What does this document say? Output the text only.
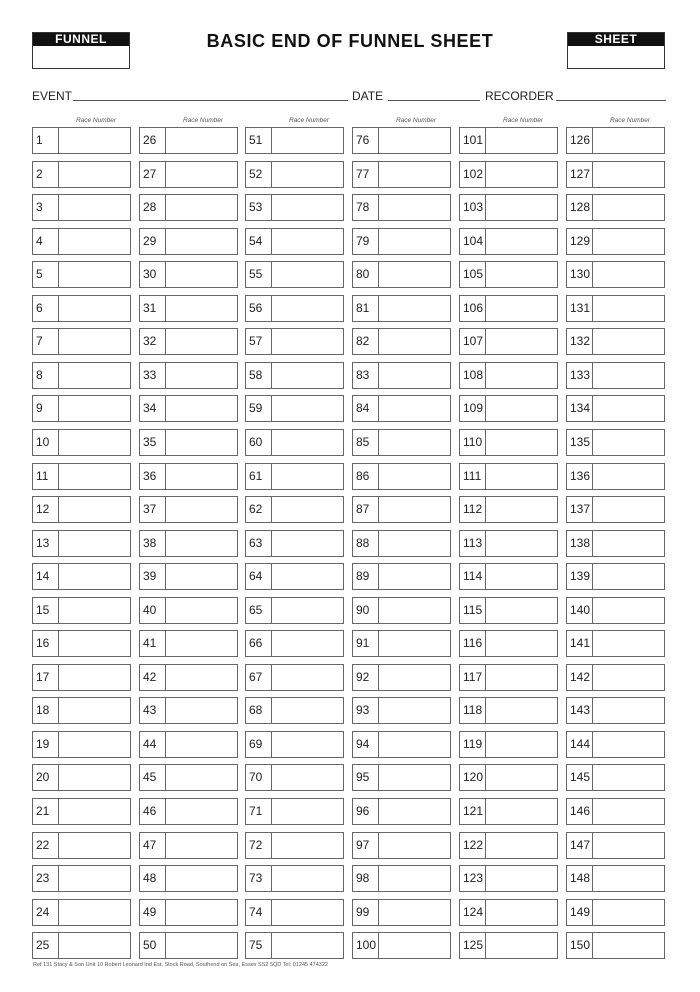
FUNNEL	BASIC END OF FUNNEL SHEET	SHEET
EVENT	DATE	RECORDER
Race Number
1
2
3
4
5
6
7
8
9
10
11
12
13
14
15
16
17
18
19
20
21
22
23
24
25
Race Number
26
27
28
29
30
31
32
33
34
35
36
37
38
39
40
41
42
43
44
45
46
47
48
49
50
Race Number
51
52
53
54
55
56
57
58
59
60
61
62
63
64
65
66
67
68
69
70
71
72
73
74
75
Race Number
76
77
78
79
80
81
82
83
84
85
86
87
88
89
90
91
92
93
94
95
96
97
98
99
100
Race Number
101
102
103
104
105
106
107
108
109
110
111
112
113
114
115
116
117
118
119
120
121
122
123
124
125
Race Number
126
127
128
129
130
131
132
133
134
135
136
137
138
139
140
141
142
143
144
145
146
147
148
149
150
Ref 131 Stacy & Son Unit 10 Robert Leonard Ind Est, Stock Road, Southend on Sea, Essex SS2 5QD Tel: 01245 474322
